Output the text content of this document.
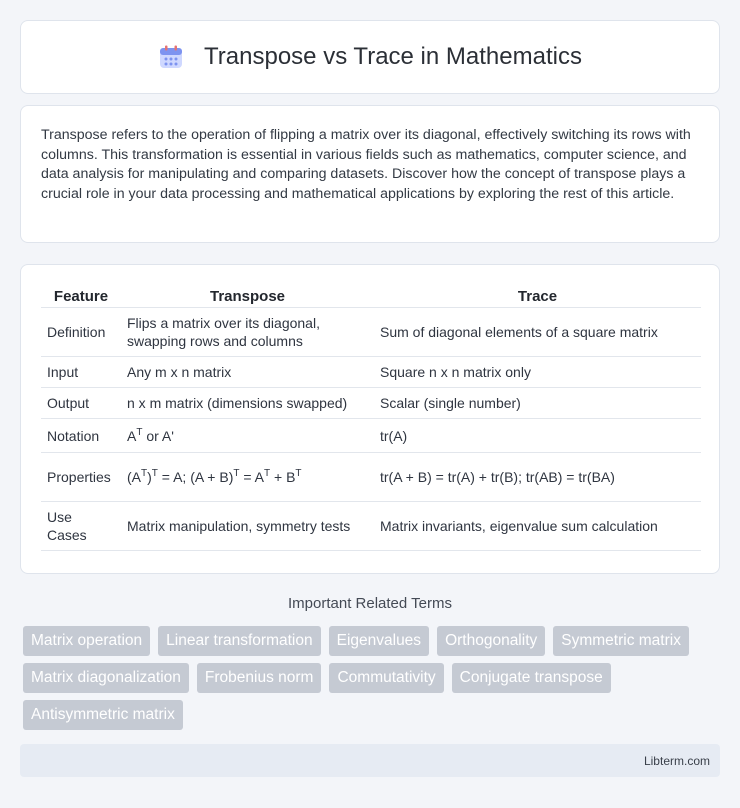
Transpose vs Trace in Mathematics

Transpose refers to the operation of flipping a matrix over its diagonal, effectively switching its rows with columns. This transformation is essential in various fields such as mathematics, computer science, and data analysis for manipulating and comparing datasets. Discover how the concept of transpose plays a crucial role in your data processing and mathematical applications by exploring the rest of this article.

Feature	Transpose	Trace
Definition	Flips a matrix over its diagonal, swapping rows and columns	Sum of diagonal elements of a square matrix
Input	Any m x n matrix	Square n x n matrix only
Output	n x m matrix (dimensions swapped)	Scalar (single number)
Notation	$A^T$ or A'	tr(A)
Properties	$(A^T)^T = A$; $(A + B)^T = A^T + B^T$	tr(A + B) = tr(A) + tr(B); tr(AB) = tr(BA)
Use Cases	Matrix manipulation, symmetry tests	Matrix invariants, eigenvalue sum calculation
Important Related Terms
Matrix operation	Linear transformation	Eigenvalues	Orthogonality	Symmetric matrix
Matrix diagonalization	Frobenius norm	Commutativity	Conjugate transpose
Antisymmetric matrix
Libterm.com
